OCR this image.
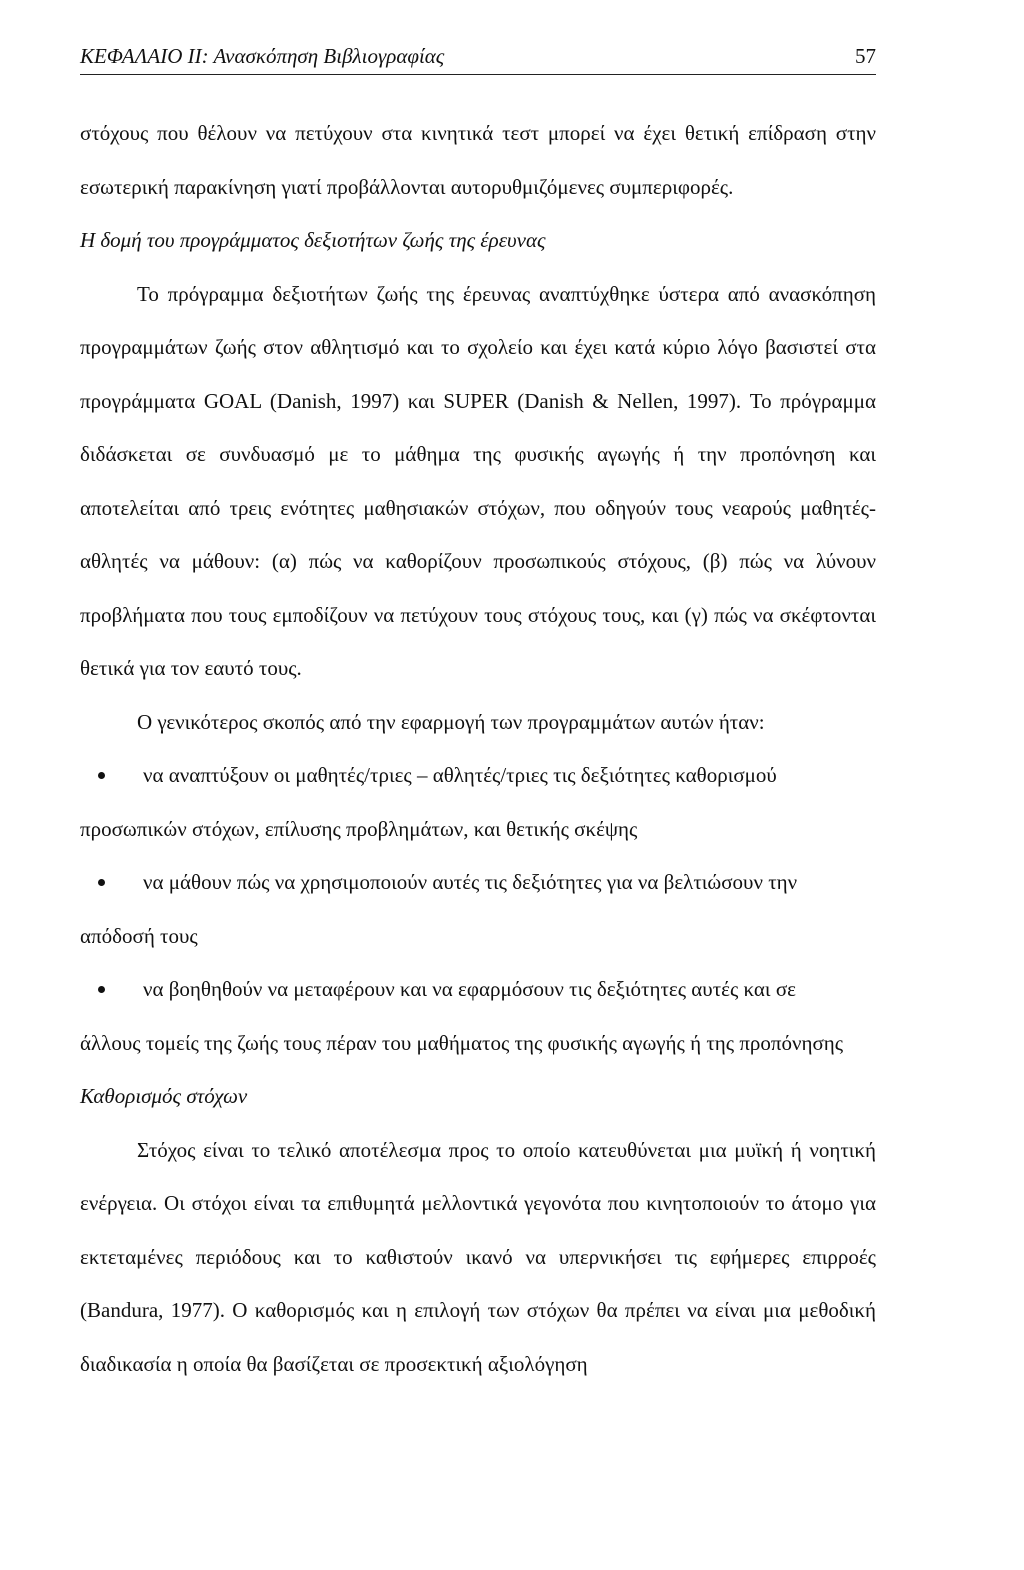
ΚΕΦΑΛΑΙΟ ΙΙ: Ανασκόπηση Βιβλιογραφίας	57

στόχους που θέλουν να πετύχουν στα κινητικά τεστ μπορεί να έχει θετική επίδραση στην εσωτερική παρακίνηση γιατί προβάλλονται αυτορυθμιζόμενες συμπεριφορές.

Η δομή του προγράμματος δεξιοτήτων ζωής της έρευνας

Το πρόγραμμα δεξιοτήτων ζωής της έρευνας αναπτύχθηκε ύστερα από ανασκόπηση προγραμμάτων ζωής στον αθλητισμό και το σχολείο και έχει κατά κύριο λόγο βασιστεί στα προγράμματα GOAL (Danish, 1997) και SUPER (Danish & Nellen, 1997). Το πρόγραμμα διδάσκεται σε συνδυασμό με το μάθημα της φυσικής αγωγής ή την προπόνηση και αποτελείται από τρεις ενότητες μαθησιακών στόχων, που οδηγούν τους νεαρούς μαθητές-αθλητές να μάθουν: (α) πώς να καθορίζουν προσωπικούς στόχους, (β) πώς να λύνουν προβλήματα που τους εμποδίζουν να πετύχουν τους στόχους τους, και (γ) πώς να σκέφτονται θετικά για τον εαυτό τους.

Ο γενικότερος σκοπός από την εφαρμογή των προγραμμάτων αυτών ήταν:

να αναπτύξουν οι μαθητές/τριες – αθλητές/τριες τις δεξιότητες καθορισμού

προσωπικών στόχων, επίλυσης προβλημάτων, και θετικής σκέψης

να μάθουν πώς να χρησιμοποιούν αυτές τις δεξιότητες για να βελτιώσουν την

απόδοσή τους

να βοηθηθούν να μεταφέρουν και να εφαρμόσουν τις δεξιότητες αυτές και σε

άλλους τομείς της ζωής τους πέραν του μαθήματος της φυσικής αγωγής ή της προπόνησης

Καθορισμός στόχων

Στόχος είναι το τελικό αποτέλεσμα προς το οποίο κατευθύνεται μια μυϊκή ή νοητική ενέργεια. Οι στόχοι είναι τα επιθυμητά μελλοντικά γεγονότα που κινητοποιούν το άτομο για εκτεταμένες περιόδους και το καθιστούν ικανό να υπερνικήσει τις εφήμερες επιρροές (Bandura, 1977). Ο καθορισμός και η επιλογή των στόχων θα πρέπει να είναι μια μεθοδική διαδικασία η οποία θα βασίζεται σε προσεκτική αξιολόγηση
